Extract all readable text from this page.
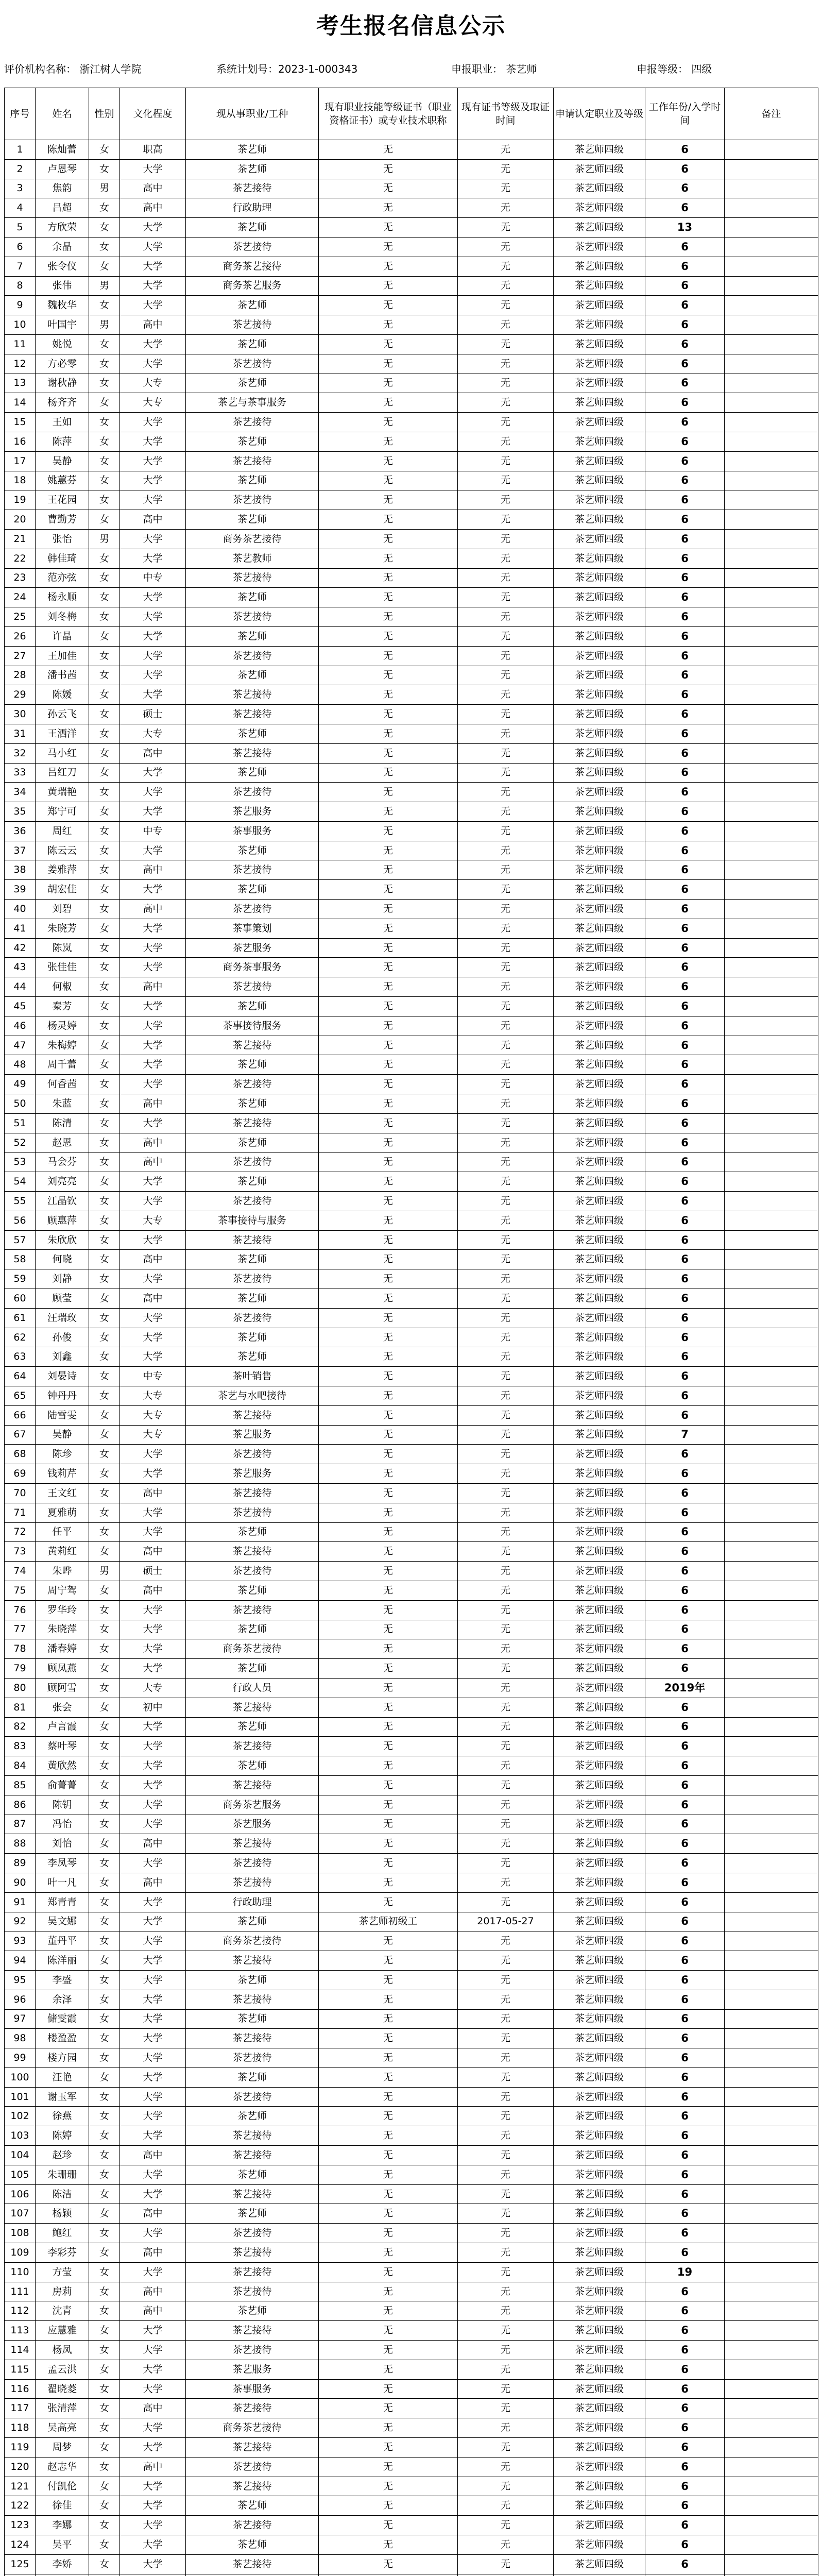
考生报名信息公示
评价机构名称： 浙江树人学院	系统计划号：2023-1-000343	申报职业： 茶艺师	申报等级： 四级
序号	姓名	性别	文化程度	现从事职业/工种	现有职业技能等级证书（职业资格证书）或专业技术职称	现有证书等级及取证时间	申请认定职业及等级	工作年份/入学时间	备注
1	陈灿蕾	女	职高	茶艺师	无	无	茶艺师四级	6	
2	卢恩琴	女	大学	茶艺师	无	无	茶艺师四级	6	
3	焦韵	男	高中	茶艺接待	无	无	茶艺师四级	6	
4	吕超	女	高中	行政助理	无	无	茶艺师四级	6	
5	方欣荣	女	大学	茶艺师	无	无	茶艺师四级	13	
6	余晶	女	大学	茶艺接待	无	无	茶艺师四级	6	
7	张令仪	女	大学	商务茶艺接待	无	无	茶艺师四级	6	
8	张伟	男	大学	商务茶艺服务	无	无	茶艺师四级	6	
9	魏枚华	女	大学	茶艺师	无	无	茶艺师四级	6	
10	叶国宇	男	高中	茶艺接待	无	无	茶艺师四级	6	
11	姚悦	女	大学	茶艺师	无	无	茶艺师四级	6	
12	方必零	女	大学	茶艺接待	无	无	茶艺师四级	6	
13	谢秋静	女	大专	茶艺师	无	无	茶艺师四级	6	
14	杨齐齐	女	大专	茶艺与茶事服务	无	无	茶艺师四级	6	
15	王如	女	大学	茶艺接待	无	无	茶艺师四级	6	
16	陈萍	女	大学	茶艺师	无	无	茶艺师四级	6	
17	吴静	女	大学	茶艺接待	无	无	茶艺师四级	6	
18	姚蕙芬	女	大学	茶艺师	无	无	茶艺师四级	6	
19	王花园	女	大学	茶艺接待	无	无	茶艺师四级	6	
20	曹勤芳	女	高中	茶艺师	无	无	茶艺师四级	6	
21	张怡	男	大学	商务茶艺接待	无	无	茶艺师四级	6	
22	韩佳琦	女	大学	茶艺教师	无	无	茶艺师四级	6	
23	范亦弦	女	中专	茶艺接待	无	无	茶艺师四级	6	
24	杨永顺	女	大学	茶艺师	无	无	茶艺师四级	6	
25	刘冬梅	女	大学	茶艺接待	无	无	茶艺师四级	6	
26	许晶	女	大学	茶艺师	无	无	茶艺师四级	6	
27	王加佳	女	大学	茶艺接待	无	无	茶艺师四级	6	
28	潘书茜	女	大学	茶艺师	无	无	茶艺师四级	6	
29	陈媛	女	大学	茶艺接待	无	无	茶艺师四级	6	
30	孙云飞	女	硕士	茶艺接待	无	无	茶艺师四级	6	
31	王洒洋	女	大专	茶艺师	无	无	茶艺师四级	6	
32	马小红	女	高中	茶艺接待	无	无	茶艺师四级	6	
33	吕红刀	女	大学	茶艺师	无	无	茶艺师四级	6	
34	黄瑞艳	女	大学	茶艺接待	无	无	茶艺师四级	6	
35	郑宁可	女	大学	茶艺服务	无	无	茶艺师四级	6	
36	周红	女	中专	茶事服务	无	无	茶艺师四级	6	
37	陈云云	女	大学	茶艺师	无	无	茶艺师四级	6	
38	姜雅萍	女	高中	茶艺接待	无	无	茶艺师四级	6	
39	胡宏佳	女	大学	茶艺师	无	无	茶艺师四级	6	
40	刘碧	女	高中	茶艺接待	无	无	茶艺师四级	6	
41	朱晓芳	女	大学	茶事策划	无	无	茶艺师四级	6	
42	陈岚	女	大学	茶艺服务	无	无	茶艺师四级	6	
43	张佳佳	女	大学	商务茶事服务	无	无	茶艺师四级	6	
44	何椒	女	高中	茶艺接待	无	无	茶艺师四级	6	
45	秦芳	女	大学	茶艺师	无	无	茶艺师四级	6	
46	杨灵婷	女	大学	茶事接待服务	无	无	茶艺师四级	6	
47	朱梅婷	女	大学	茶艺接待	无	无	茶艺师四级	6	
48	周千蕾	女	大学	茶艺师	无	无	茶艺师四级	6	
49	何香茜	女	大学	茶艺接待	无	无	茶艺师四级	6	
50	朱蓝	女	高中	茶艺师	无	无	茶艺师四级	6	
51	陈清	女	大学	茶艺接待	无	无	茶艺师四级	6	
52	赵恩	女	高中	茶艺师	无	无	茶艺师四级	6	
53	马会芬	女	高中	茶艺接待	无	无	茶艺师四级	6	
54	刘亮亮	女	大学	茶艺师	无	无	茶艺师四级	6	
55	江晶钦	女	大学	茶艺接待	无	无	茶艺师四级	6	
56	顾惠萍	女	大专	茶事接待与服务	无	无	茶艺师四级	6	
57	朱欣欣	女	大学	茶艺接待	无	无	茶艺师四级	6	
58	何晓	女	高中	茶艺师	无	无	茶艺师四级	6	
59	刘静	女	大学	茶艺接待	无	无	茶艺师四级	6	
60	顾莹	女	高中	茶艺师	无	无	茶艺师四级	6	
61	汪瑞玫	女	大学	茶艺接待	无	无	茶艺师四级	6	
62	孙俊	女	大学	茶艺师	无	无	茶艺师四级	6	
63	刘鑫	女	大学	茶艺师	无	无	茶艺师四级	6	
64	刘晏诗	女	中专	茶叶销售	无	无	茶艺师四级	6	
65	钟丹丹	女	大专	茶艺与水吧接待	无	无	茶艺师四级	6	
66	陆雪雯	女	大专	茶艺接待	无	无	茶艺师四级	6	
67	吴静	女	大专	茶艺服务	无	无	茶艺师四级	7	
68	陈珍	女	大学	茶艺接待	无	无	茶艺师四级	6	
69	钱莉芹	女	大学	茶艺服务	无	无	茶艺师四级	6	
70	王文红	女	高中	茶艺接待	无	无	茶艺师四级	6	
71	夏雅萌	女	大学	茶艺接待	无	无	茶艺师四级	6	
72	任平	女	大学	茶艺师	无	无	茶艺师四级	6	
73	黄莉红	女	高中	茶艺接待	无	无	茶艺师四级	6	
74	朱晔	男	硕士	茶艺接待	无	无	茶艺师四级	6	
75	周宁驾	女	高中	茶艺师	无	无	茶艺师四级	6	
76	罗华玲	女	大学	茶艺接待	无	无	茶艺师四级	6	
77	朱晓萍	女	大学	茶艺师	无	无	茶艺师四级	6	
78	潘春婷	女	大学	商务茶艺接待	无	无	茶艺师四级	6	
79	顾凤燕	女	大学	茶艺师	无	无	茶艺师四级	6	
80	顾阿雪	女	大专	行政人员	无	无	茶艺师四级	2019年	
81	张会	女	初中	茶艺接待	无	无	茶艺师四级	6	
82	卢言霞	女	大学	茶艺师	无	无	茶艺师四级	6	
83	蔡叶琴	女	大学	茶艺接待	无	无	茶艺师四级	6	
84	黄欣然	女	大学	茶艺师	无	无	茶艺师四级	6	
85	俞菁菁	女	大学	茶艺接待	无	无	茶艺师四级	6	
86	陈钥	女	大学	商务茶艺服务	无	无	茶艺师四级	6	
87	冯怡	女	大学	茶艺服务	无	无	茶艺师四级	6	
88	刘怡	女	高中	茶艺接待	无	无	茶艺师四级	6	
89	李凤琴	女	大学	茶艺接待	无	无	茶艺师四级	6	
90	叶一凡	女	高中	茶艺接待	无	无	茶艺师四级	6	
91	郑青青	女	大学	行政助理	无	无	茶艺师四级	6	
92	吴文娜	女	大学	茶艺师	茶艺师初级工	2017-05-27	茶艺师四级	6	
93	董丹平	女	大学	商务茶艺接待	无	无	茶艺师四级	6	
94	陈洋丽	女	大学	茶艺接待	无	无	茶艺师四级	6	
95	李盛	女	大学	茶艺师	无	无	茶艺师四级	6	
96	余泽	女	大学	茶艺接待	无	无	茶艺师四级	6	
97	储雯霞	女	大学	茶艺师	无	无	茶艺师四级	6	
98	楼盈盈	女	大学	茶艺接待	无	无	茶艺师四级	6	
99	楼方园	女	大学	茶艺接待	无	无	茶艺师四级	6	
100	汪艳	女	大学	茶艺师	无	无	茶艺师四级	6	
101	谢玉军	女	大学	茶艺接待	无	无	茶艺师四级	6	
102	徐燕	女	大学	茶艺师	无	无	茶艺师四级	6	
103	陈婷	女	大学	茶艺接待	无	无	茶艺师四级	6	
104	赵珍	女	高中	茶艺接待	无	无	茶艺师四级	6	
105	朱珊珊	女	大学	茶艺师	无	无	茶艺师四级	6	
106	陈洁	女	大学	茶艺接待	无	无	茶艺师四级	6	
107	杨颖	女	高中	茶艺师	无	无	茶艺师四级	6	
108	鲍红	女	大学	茶艺接待	无	无	茶艺师四级	6	
109	李彩芬	女	高中	茶艺接待	无	无	茶艺师四级	6	
110	方莹	女	大学	茶艺接待	无	无	茶艺师四级	19	
111	房莉	女	高中	茶艺接待	无	无	茶艺师四级	6	
112	沈青	女	高中	茶艺师	无	无	茶艺师四级	6	
113	应慧雅	女	大学	茶艺接待	无	无	茶艺师四级	6	
114	杨凤	女	大学	茶艺接待	无	无	茶艺师四级	6	
115	孟云洪	女	大学	茶艺服务	无	无	茶艺师四级	6	
116	翟晓菱	女	大学	茶事服务	无	无	茶艺师四级	6	
117	张清萍	女	高中	茶艺接待	无	无	茶艺师四级	6	
118	吴高亮	女	大学	商务茶艺接待	无	无	茶艺师四级	6	
119	周梦	女	大学	茶艺接待	无	无	茶艺师四级	6	
120	赵志华	女	高中	茶艺接待	无	无	茶艺师四级	6	
121	付凯伦	女	大学	茶艺接待	无	无	茶艺师四级	6	
122	徐佳	女	大学	茶艺师	无	无	茶艺师四级	6	
123	李娜	女	大学	茶艺接待	无	无	茶艺师四级	6	
124	吴平	女	大学	茶艺师	无	无	茶艺师四级	6	
125	李娇	女	大学	茶艺接待	无	无	茶艺师四级	6	
